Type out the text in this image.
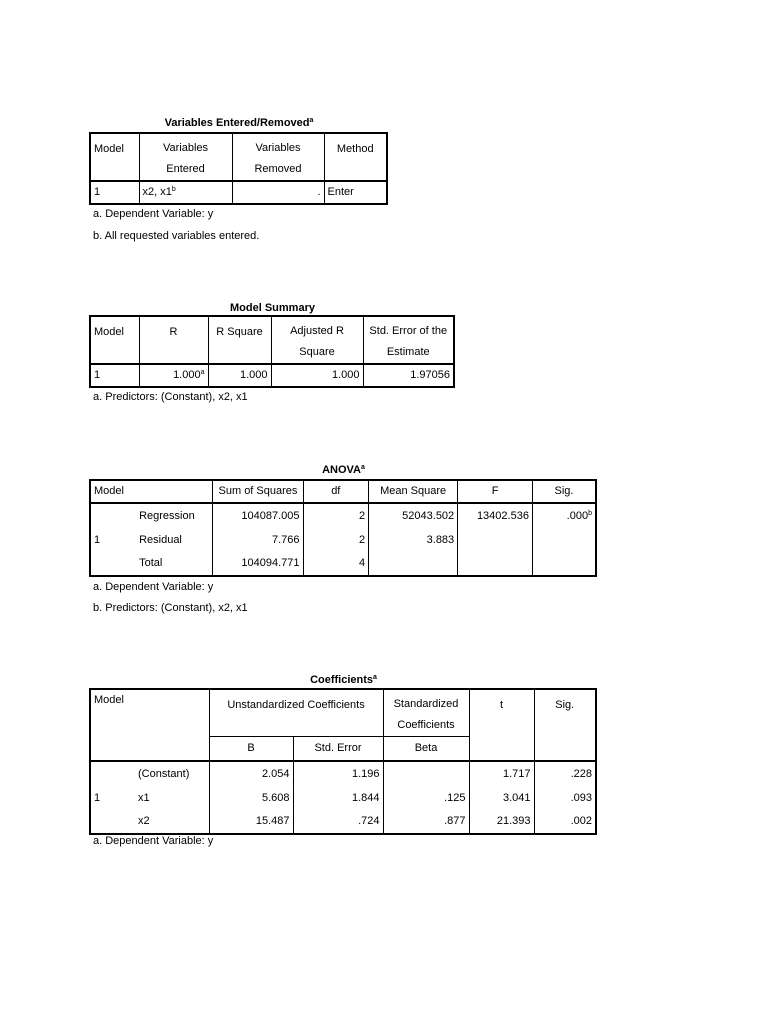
Variables Entered/Removed$^a$
Model	Variables Entered	Variables Removed	Method
1	x2, x1$^b$	.	Enter
a. Dependent Variable: y
b. All requested variables entered.
Model Summary
Model	R	R Square	Adjusted R Square	Std. Error of the Estimate
1	1.000$^a$	1.000	1.000	1.97056
a. Predictors: (Constant), x2, x1
ANOVA$^a$
Model		Sum of Squares	df	Mean Square	F	Sig.
	Regression	104087.005	2	52043.502	13402.536	.000$^b$
1	Residual	7.766	2	3.883		
	Total	104094.771	4			
a. Dependent Variable: y
b. Predictors: (Constant), x2, x1
Coefficients$^a$
Model		Unstandardized Coefficients		Standardized Coefficients	t	Sig.
		B	Std. Error	Beta		
	(Constant)	2.054	1.196		1.717	.228
1	x1	5.608	1.844	.125	3.041	.093
	x2	15.487	.724	.877	21.393	.002
a. Dependent Variable: y
